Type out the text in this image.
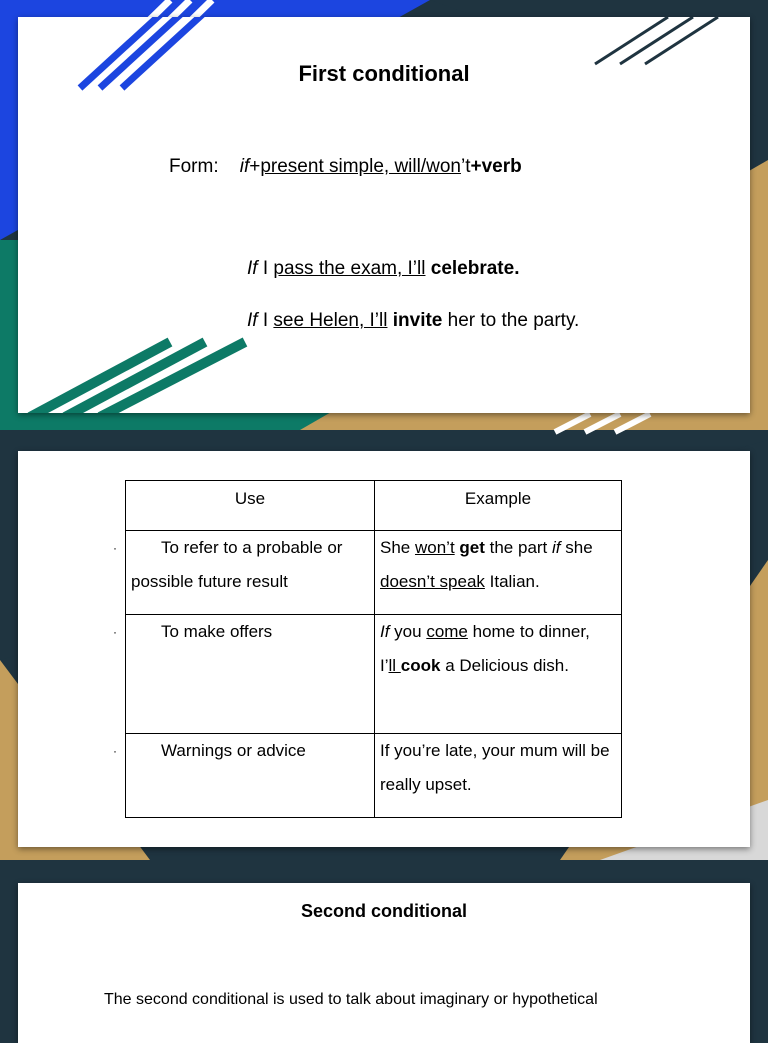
First conditional
Form: if+present simple, will/won’t+verb
If I pass the exam, I’ll celebrate.
If I see Helen, I’ll invite her to the party.
·
·
·
Use	Example
To refer to a probable or possible future result	She won’t get the part if she doesn’t speak Italian.
To make offers	If you come home to dinner, I’ll cook a Delicious dish.
Warnings or advice	If you’re late, your mum will be really upset.
Second conditional
The second conditional is used to talk about imaginary or hypothetical
